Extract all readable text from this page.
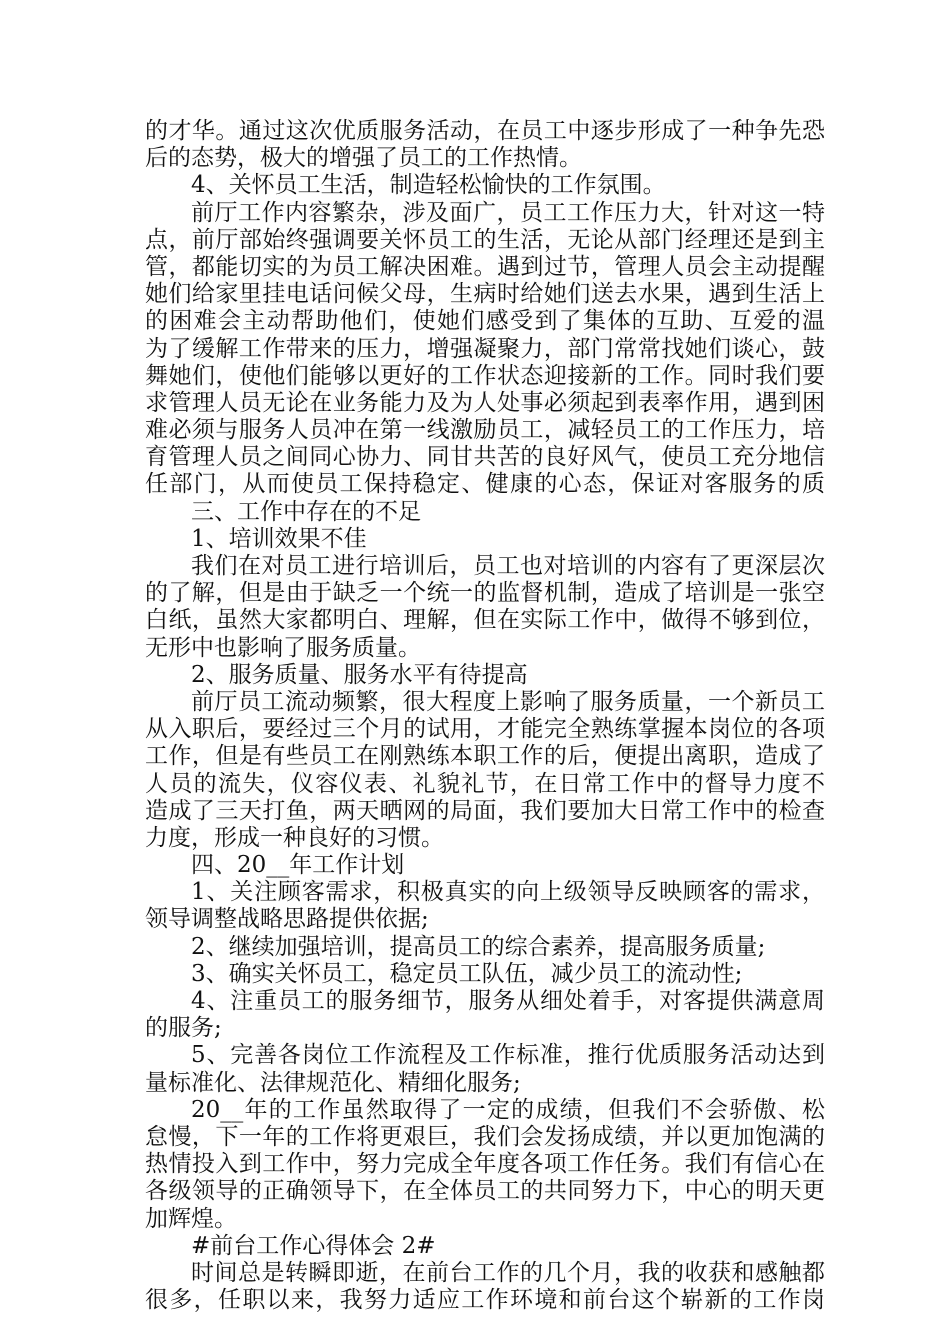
的才华。通过这次优质服务活动，在员工中逐步形成了一种争先恐
后的态势，极大的增强了员工的工作热情。
4、关怀员工生活，制造轻松愉快的工作氛围。
前厅工作内容繁杂，涉及面广，员工工作压力大，针对这一特
点，前厅部始终强调要关怀员工的生活，无论从部门经理还是到主
管，都能切实的为员工解决困难。遇到过节，管理人员会主动提醒
她们给家里挂电话问候父母，生病时给她们送去水果，遇到生活上
的困难会主动帮助他们，使她们感受到了集体的互助、互爱的温
为了缓解工作带来的压力，增强凝聚力，部门常常找她们谈心，鼓
舞她们，使他们能够以更好的工作状态迎接新的工作。同时我们要
求管理人员无论在业务能力及为人处事必须起到表率作用，遇到困
难必须与服务人员冲在第一线激励员工，减轻员工的工作压力，培
育管理人员之间同心协力、同甘共苦的良好风气，使员工充分地信
任部门，从而使员工保持稳定、健康的心态，保证对客服务的质
三、工作中存在的不足
1、培训效果不佳
我们在对员工进行培训后，员工也对培训的内容有了更深层次
的了解，但是由于缺乏一个统一的监督机制，造成了培训是一张空
白纸，虽然大家都明白、理解，但在实际工作中，做得不够到位，
无形中也影响了服务质量。
2、服务质量、服务水平有待提高
前厅员工流动频繁，很大程度上影响了服务质量，一个新员工
从入职后，要经过三个月的试用，才能完全熟练掌握本岗位的各项
工作，但是有些员工在刚熟练本职工作的后，便提出离职，造成了
人员的流失，仪容仪表、礼貌礼节，在日常工作中的督导力度不
造成了三天打鱼，两天晒网的局面，我们要加大日常工作中的检查
力度，形成一种良好的习惯。
四、20__年工作计划
1、关注顾客需求，积极真实的向上级领导反映顾客的需求，
领导调整战略思路提供依据;
2、继续加强培训，提高员工的综合素养，提高服务质量;
3、确实关怀员工，稳定员工队伍，减少员工的流动性;
4、注重员工的服务细节，服务从细处着手，对客提供满意周
的服务;
5、完善各岗位工作流程及工作标准，推行优质服务活动达到
量标准化、法律规范化、精细化服务;
20__年的工作虽然取得了一定的成绩，但我们不会骄傲、松
怠慢，下一年的工作将更艰巨，我们会发扬成绩，并以更加饱满的
热情投入到工作中，努力完成全年度各项工作任务。我们有信心在
各级领导的正确领导下，在全体员工的共同努力下，中心的明天更
加辉煌。
#前台工作心得体会 2#
时间总是转瞬即逝，在前台工作的几个月，我的收获和感触都
很多，任职以来，我努力适应工作环境和前台这个崭新的工作岗
